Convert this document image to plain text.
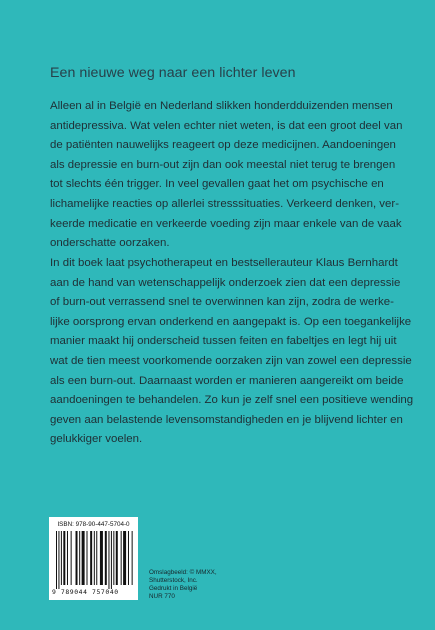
Een nieuwe weg naar een lichter leven

Alleen al in België en Nederland slikken honderdduizenden mensen
antidepressiva. Wat velen echter niet weten, is dat een groot deel van
de patiënten nauwelijks reageert op deze medicijnen. Aandoeningen
als depressie en burn-out zijn dan ook meestal niet terug te brengen
tot slechts één trigger. In veel gevallen gaat het om psychische en
lichamelijke reacties op allerlei stresssituaties. Verkeerd denken, ver-
keerde medicatie en verkeerde voeding zijn maar enkele van de vaak
onderschatte oorzaken.

In dit boek laat psychotherapeut en bestsellerauteur Klaus Bernhardt
aan de hand van wetenschappelijk onderzoek zien dat een depressie
of burn-out verrassend snel te overwinnen kan zijn, zodra de werke-
lijke oorsprong ervan onderkend en aangepakt is. Op een toegankelijke
manier maakt hij onderscheid tussen feiten en fabeltjes en legt hij uit
wat de tien meest voorkomende oorzaken zijn van zowel een depressie
als een burn-out. Daarnaast worden er manieren aangereikt om beide
aandoeningen te behandelen. Zo kun je zelf snel een positieve wending
geven aan belastende levensomstandigheden en je blijvend lichter en
gelukkiger voelen.

ISBN: 978-90-447-5704-0
9 789044 757040
Omslagbeeld: © MMXX,
Shutterstock, Inc.
Gedrukt in België
NUR 770
